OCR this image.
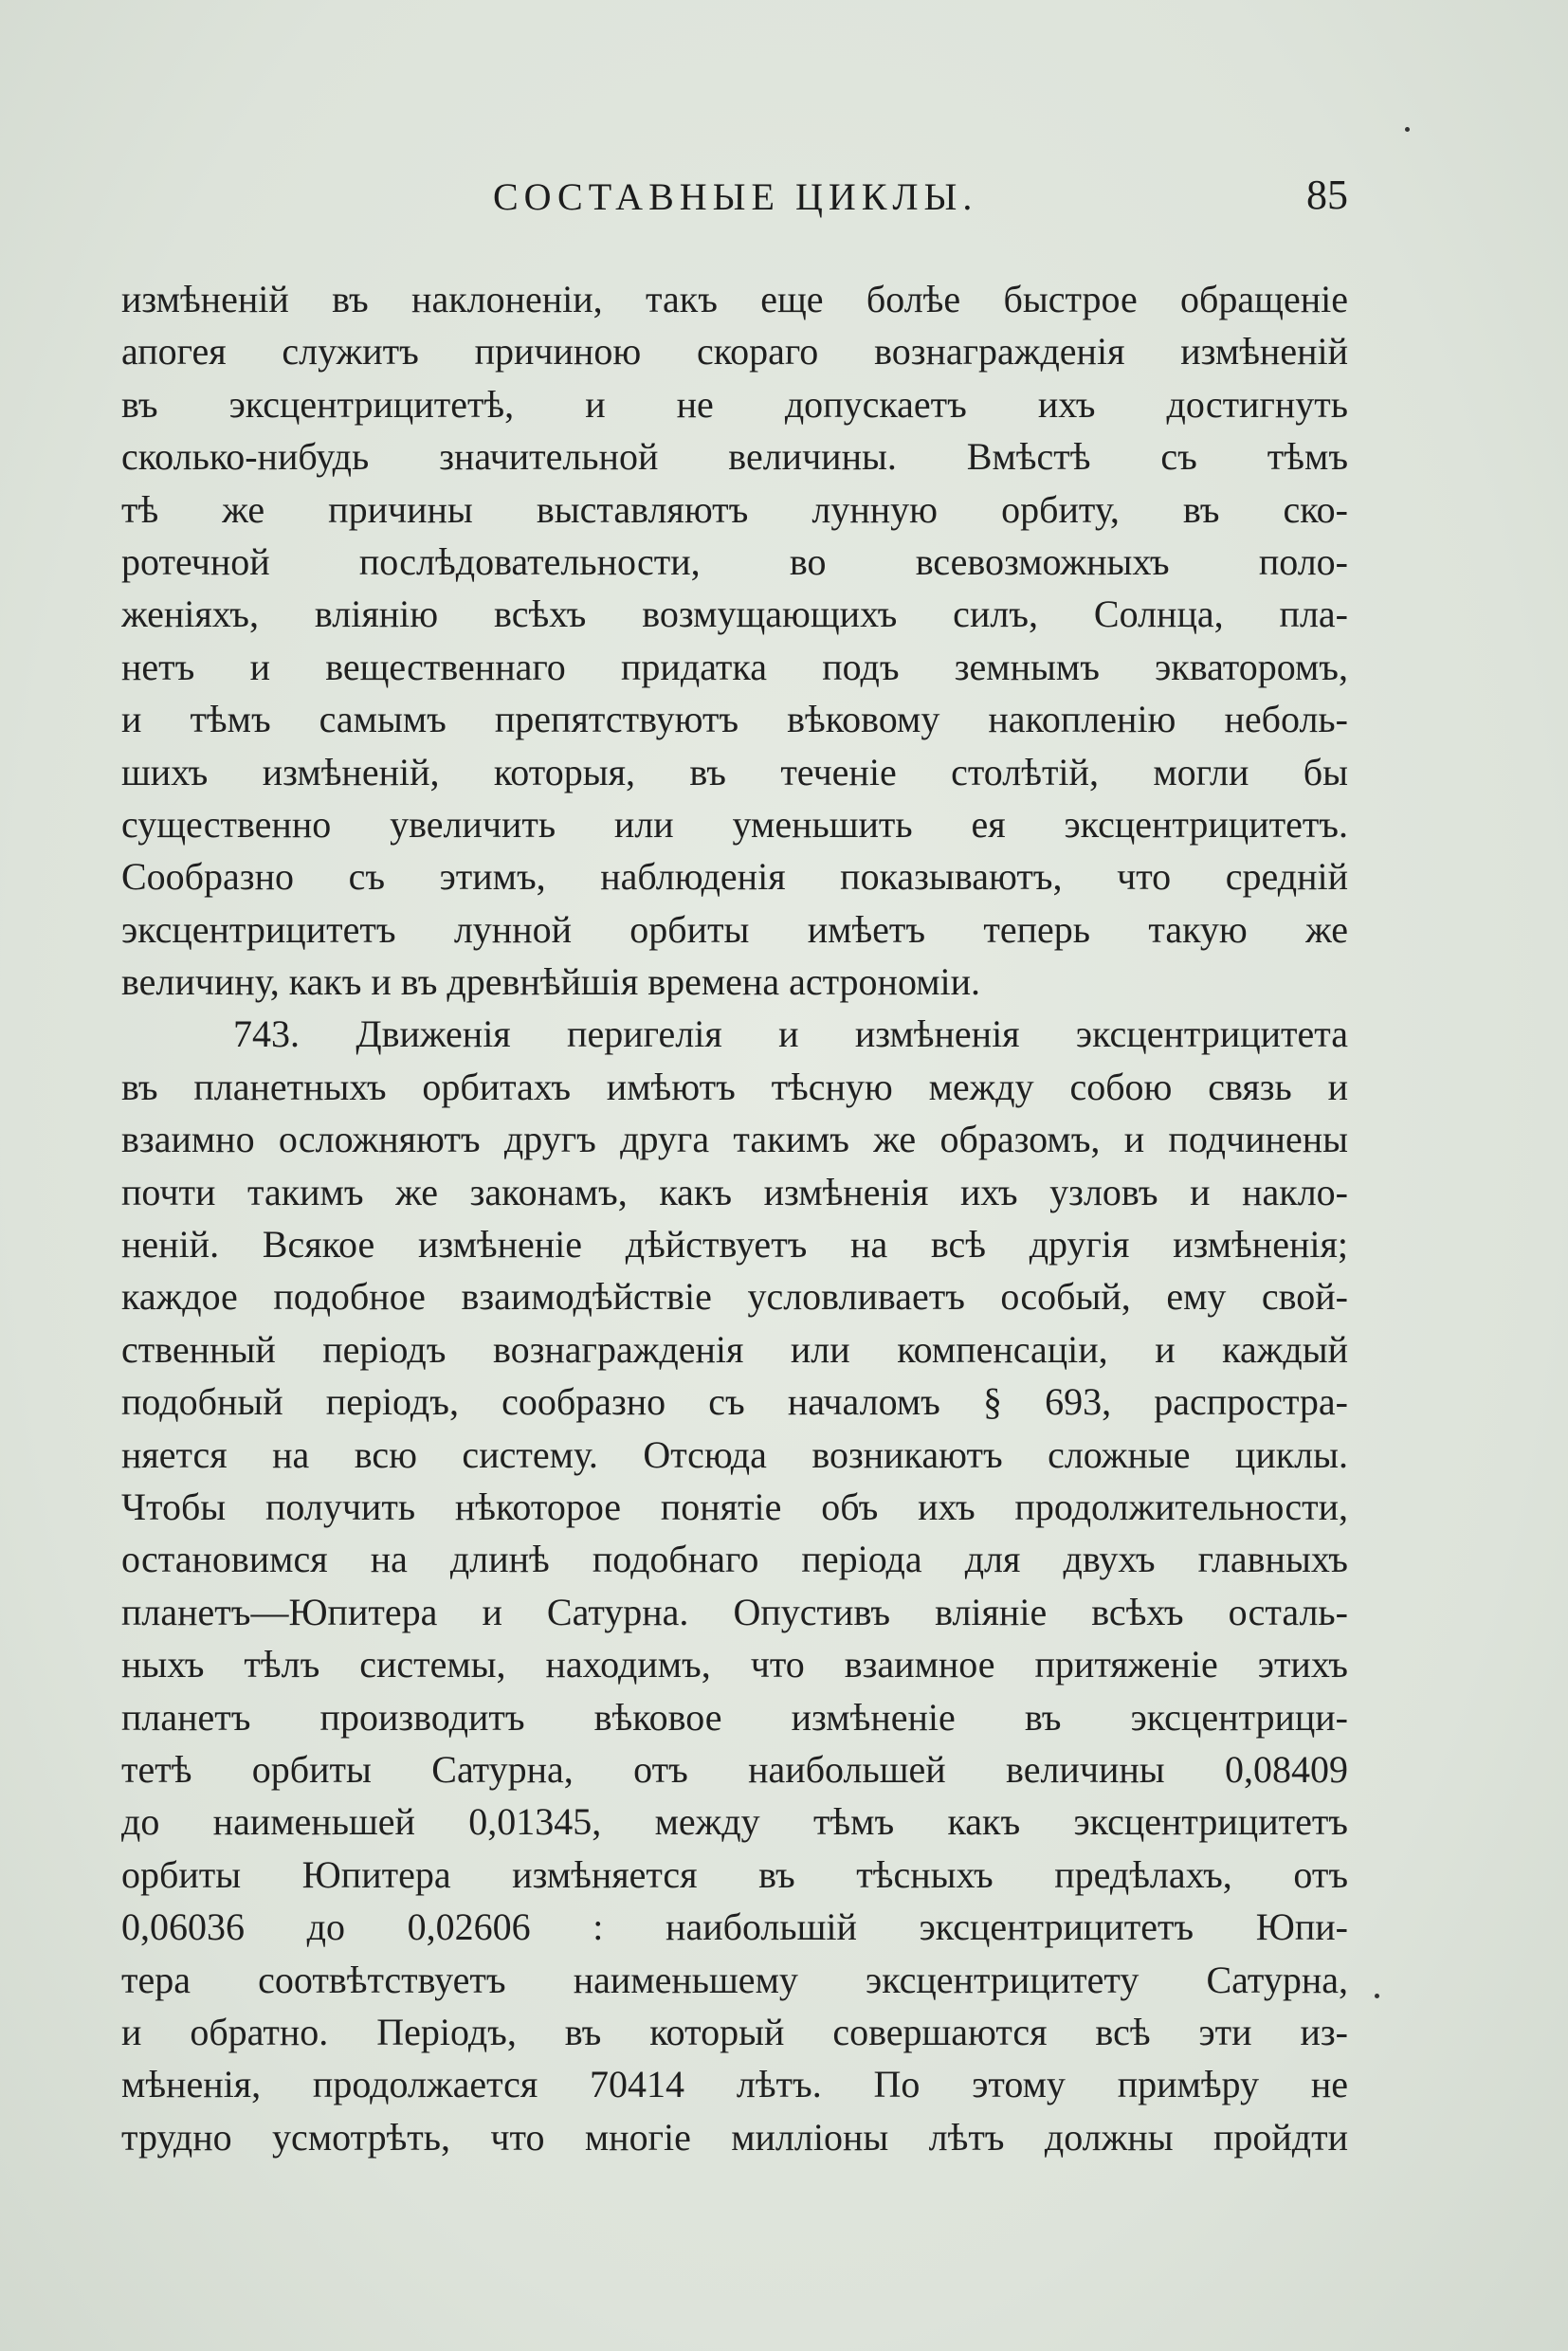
СОСТАВНЫЕ ЦИКЛЫ.	85
измѣненій въ наклоненіи, такъ еще болѣе быстрое обращеніе
апогея служитъ причиною скораго вознагражденія измѣненій
въ эксцентрицитетѣ, и не допускаетъ ихъ достигнуть
сколько-нибудь значительной величины. Вмѣстѣ съ тѣмъ
тѣ же причины выставляютъ лунную орбиту, въ ско-
ротечной послѣдовательности, во всевозможныхъ поло-
женіяхъ, вліянію всѣхъ возмущающихъ силъ, Солнца, пла-
нетъ и вещественнаго придатка подъ земнымъ экваторомъ,
и тѣмъ самымъ препятствуютъ вѣковому накопленію неболь-
шихъ измѣненій, которыя, въ теченіе столѣтій, могли бы
существенно увеличить или уменьшить ея эксцентрицитетъ.
Сообразно съ этимъ, наблюденія показываютъ, что средній
эксцентрицитетъ лунной орбиты имѣетъ теперь такую же
величину, какъ и въ древнѣйшія времена астрономіи.
743. Движенія перигелія и измѣненія эксцентрицитета
въ планетныхъ орбитахъ имѣютъ тѣсную между собою связь и
взаимно осложняютъ другъ друга такимъ же образомъ, и подчинены
почти такимъ же законамъ, какъ измѣненія ихъ узловъ и накло-
неній. Всякое измѣненіе дѣйствуетъ на всѣ другія измѣненія;
каждое подобное взаимодѣйствіе условливаетъ особый, ему свой-
ственный періодъ вознагражденія или компенсаціи, и каждый
подобный періодъ, сообразно съ началомъ § 693, распростра-
няется на всю систему. Отсюда возникаютъ сложные циклы.
Чтобы получить нѣкоторое понятіе объ ихъ продолжительности,
остановимся на длинѣ подобнаго періода для двухъ главныхъ
планетъ—Юпитера и Сатурна. Опустивъ вліяніе всѣхъ осталь-
ныхъ тѣлъ системы, находимъ, что взаимное притяженіе этихъ
планетъ производитъ вѣковое измѣненіе въ эксцентрици-
тетѣ орбиты Сатурна, отъ наибольшей величины 0,08409
до наименьшей 0,01345, между тѣмъ какъ эксцентрицитетъ
орбиты Юпитера измѣняется въ тѣсныхъ предѣлахъ, отъ
0,06036 до 0,02606 : наибольшій эксцентрицитетъ Юпи-
тера соотвѣтствуетъ наименьшему эксцентрицитету Сатурна,
и обратно. Періодъ, въ который совершаются всѣ эти из-
мѣненія, продолжается 70414 лѣтъ. По этому примѣру не
трудно усмотрѣть, что многіе милліоны лѣтъ должны пройдти
